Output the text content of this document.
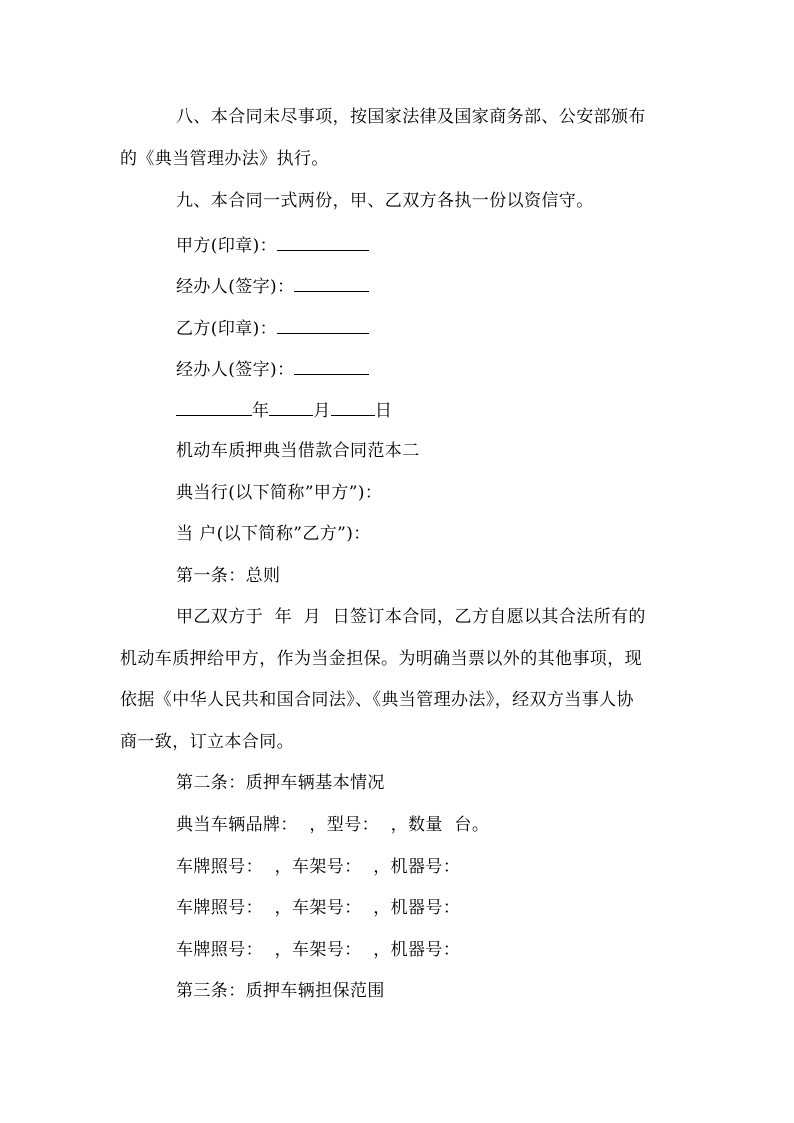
八、本合同未尽事项，按国家法律及国家商务部、公安部颁布
的《典当管理办法》执行。
九、本合同一式两份，甲、乙双方各执一份以资信守。
甲方(印章)：
经办人(签字)：
乙方(印章)：
经办人(签字)：
年	月	日
机动车质押典当借款合同范本二
典当行(以下简称”甲方”)：
当 户(以下简称”乙方”)：
第一条：总则
甲乙双方于  年  月  日签订本合同，乙方自愿以其合法所有的
机动车质押给甲方，作为当金担保。为明确当票以外的其他事项，现
依据《中华人民共和国合同法》、《典当管理办法》，经双方当事人协
商一致，订立本合同。
第二条：质押车辆基本情况
典当车辆品牌：  ，型号：  ，数量  台。
车牌照号：  ，车架号：  ，机器号：
车牌照号：  ，车架号：  ，机器号：
车牌照号：  ，车架号：  ，机器号：
第三条：质押车辆担保范围
